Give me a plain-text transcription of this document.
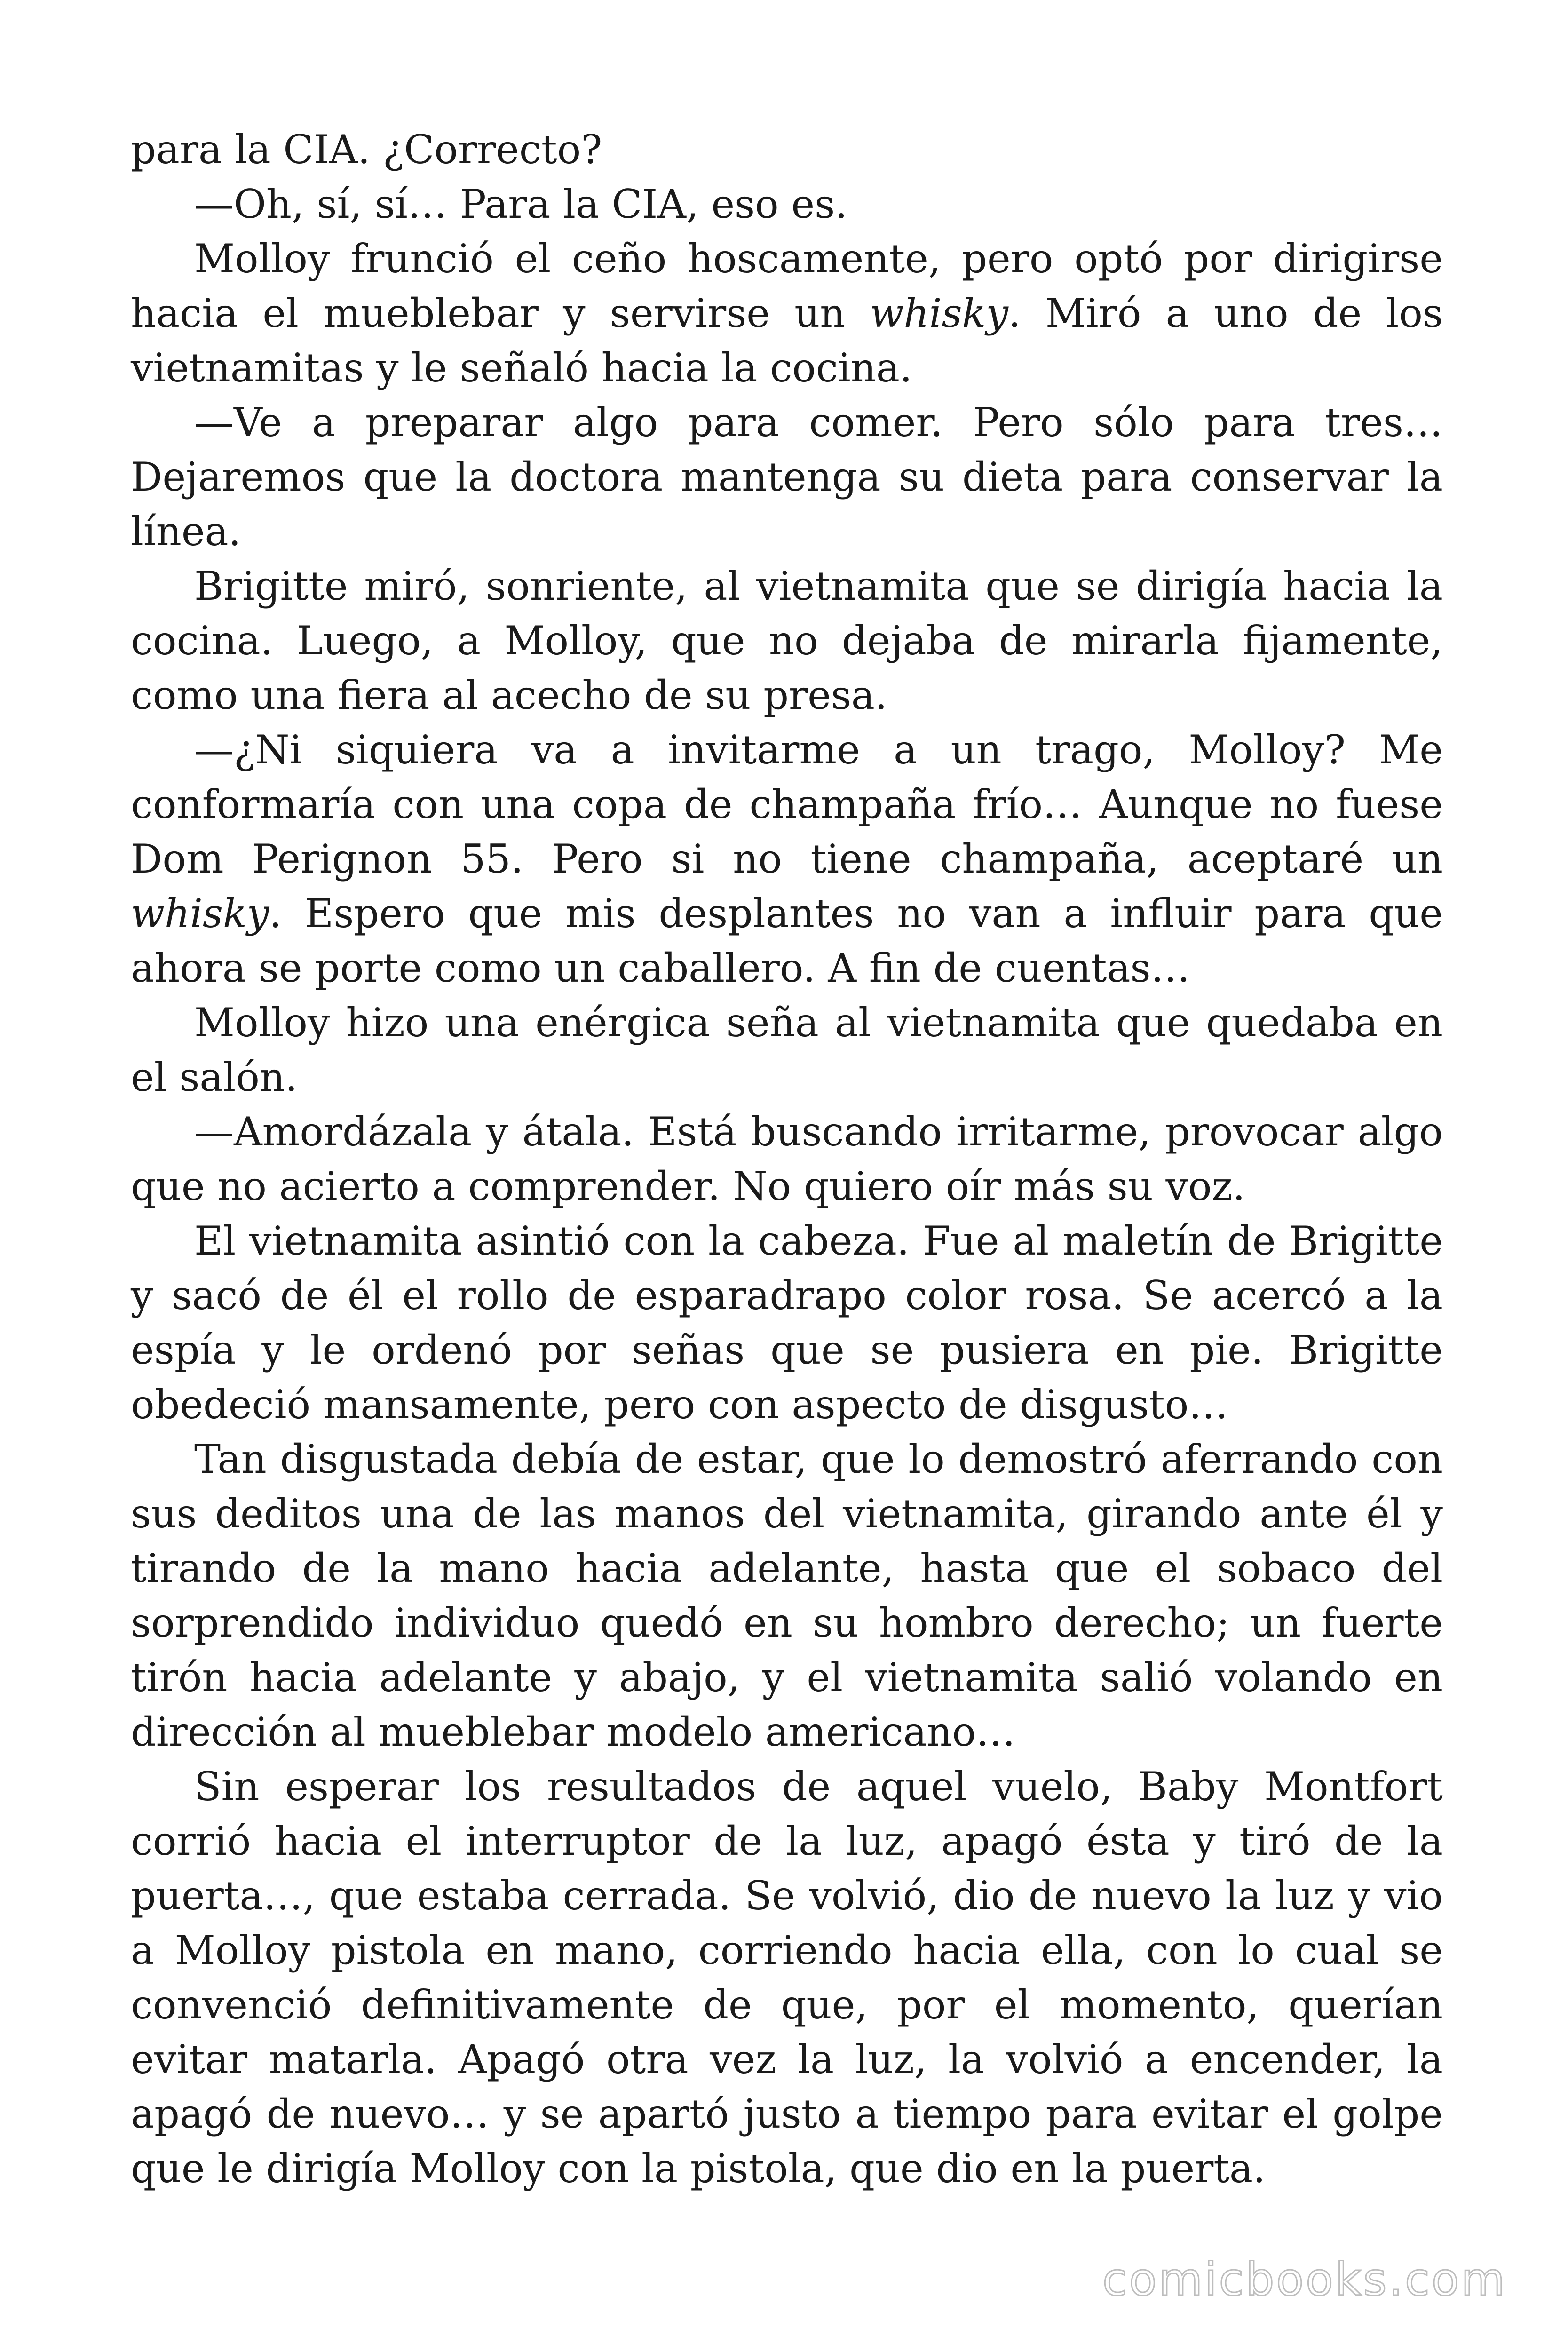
para la CIA. ¿Correcto?

—Oh, sí, sí… Para la CIA, eso es.

Molloy frunció el ceño hoscamente, pero optó por dirigirse hacia el mueblebar y servirse un whisky. Miró a uno de los vietnamitas y le señaló hacia la cocina.

—Ve a preparar algo para comer. Pero sólo para tres… Dejaremos que la doctora mantenga su dieta para conservar la línea.

Brigitte miró, sonriente, al vietnamita que se dirigía hacia la cocina. Luego, a Molloy, que no dejaba de mirarla fijamente, como una fiera al acecho de su presa.

—¿Ni siquiera va a invitarme a un trago, Molloy? Me conformaría con una copa de champaña frío… Aunque no fuese Dom Perignon 55. Pero si no tiene champaña, aceptaré un whisky. Espero que mis desplantes no van a influir para que ahora se porte como un caballero. A fin de cuentas…

Molloy hizo una enérgica seña al vietnamita que quedaba en el salón.

—Amordázala y átala. Está buscando irritarme, provocar algo que no acierto a comprender. No quiero oír más su voz.

El vietnamita asintió con la cabeza. Fue al maletín de Brigitte y sacó de él el rollo de esparadrapo color rosa. Se acercó a la espía y le ordenó por señas que se pusiera en pie. Brigitte obedeció mansamente, pero con aspecto de disgusto…

Tan disgustada debía de estar, que lo demostró aferrando con sus deditos una de las manos del vietnamita, girando ante él y tirando de la mano hacia adelante, hasta que el sobaco del sorprendido individuo quedó en su hombro derecho; un fuerte tirón hacia adelante y abajo, y el vietnamita salió volando en dirección al mueblebar modelo americano…

Sin esperar los resultados de aquel vuelo, Baby Montfort corrió hacia el interruptor de la luz, apagó ésta y tiró de la puerta…, que estaba cerrada. Se volvió, dio de nuevo la luz y vio a Molloy pistola en mano, corriendo hacia ella, con lo cual se convenció definitivamente de que, por el momento, querían evitar matarla. Apagó otra vez la luz, la volvió a encender, la apagó de nuevo… y se apartó justo a tiempo para evitar el golpe que le dirigía Molloy con la pistola, que dio en la puerta.

comicbooks.com
